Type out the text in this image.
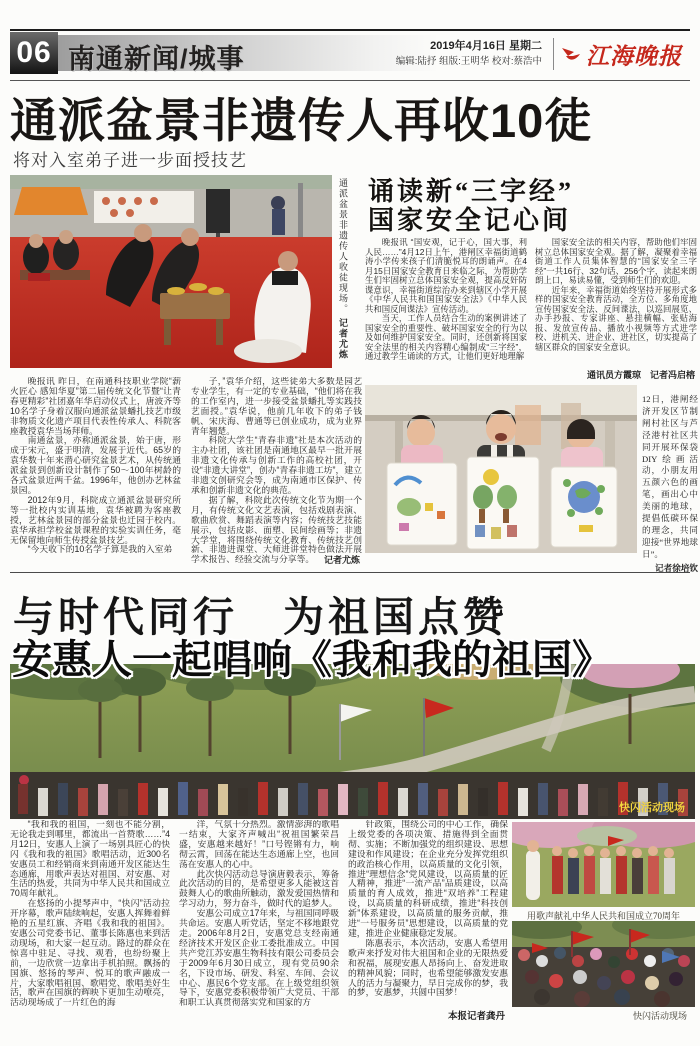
06 南通新闻/城事	2019年4月16日 星期二
编辑:陆抒 组版:王明华 校对:蔡浩中 江海晚报
通派盆景非遗传人再收10徒
将对入室弟子进一步面授技艺
通派盆景非遗传人收徒现场。 记者尤炼

晚报讯 昨日，在南通科技职业学院“薪火匠心 感知华夏”第二届传统文化节暨“让青春更精彩”社团嘉年华启动仪式上，唐波齐等10名学子身着汉服向通派盆景蟠扎技艺市级非物质文化遗产项目代表性传承人、科院客座教授袁华当场拜师。

南通盆景，亦称通派盆景，始于唐，形成于宋元，盛于明清，发展于近代。65岁的袁华数十年来潜心研究盆景艺术，从传统通派盆景到创新设计制作了50～100年树龄的各式盆景近两千盆。1996年，他创办艺林盆景园。

2012年9月，科院成立通派盆景研究所等一批校内实训基地，袁华被聘为客座教授，艺林盆景园的部分盆景也迁园于校内。袁华承担学校盆景课程的实验实训任务，毫无保留地向师生传授盆景技艺。

“今天收下的10名学子算是我的入室弟

子，”袁华介绍，这些徒弟大多数是园艺专业学生，有一定的专业基础，“他们将在我的工作室内，进一步接受盆景蟠扎等实践技艺面授。”袁华说，他前几年收下的弟子钱帆、宋庆海、曹通等已创业成功，成为业界青年翘楚。

科院大学生“青春非遗”社是本次活动的主办社团，该社团是南通地区最早一批开展非遗文化传承与创新工作的高校社团，开设“非遗大讲堂”，创办“青春非遗工坊”，建立非遗文创研究会等，成为南通市区保护、传承和创新非遗文化的典范。

据了解，科院此次传统文化节为期一个月，有传统文化文艺表演，包括戏剧表演、歌曲欣赏、舞蹈表演等内容；传统技艺技能展示，包括皮影、面塑、民间绘画等；非遗大学堂，将围绕传统文化教育、传统技艺创新、非遗进课堂、大师进讲堂特色做法开展学术报告、经验交流与分享等。	记者尤炼
诵读新“三字经”
国家安全记心间

晚报讯 “国安观，记于心，国大事，利人民……”4月12日上午，港闸区幸福街道鹤涛小学传来孩子们清脆悦耳的朗诵声。在4月15日国家安全教育日来临之际，为帮助学生们牢固树立总体国家安全观，提高反奸防谍意识，幸福街道综治办来到辖区小学开展《中华人民共和国国家安全法》《中华人民共和国反间谍法》宣传活动。

当天，工作人员结合生动的案例讲述了国家安全的重要性、破坏国家安全的行为以及如何维护国家安全。同时，还创新将国家安全法里的相关内容精心编制成“三字经”，通过教学生诵读的方式，让他们更好地理解

国家安全法的相关内容，帮助他们牢固树立总体国家安全观。据了解，凝聚着幸福街道工作人员集体智慧的“国家安全三字经”一共16行、32句话、256个字，读起来朗朗上口，易读易懂，受到师生们的欢迎。

近年来，幸福街道始终坚持开展形式多样的国家安全教育活动，全方位、多角度地宣传国家安全法、反间谍法，以巡回展览、办手抄报、专家讲座、悬挂横幅、张贴海报、发放宣传品、播放小视频等方式进学校、进机关、进企业、进社区，切实提高了辖区群众的国家安全意识。

通讯员方霞琼　记者冯启榕
12日，港闸经济开发区节制闸村社区与芦泾港村社区共同开展环保袋DIY绘画活动，小朋友用五颜六色的画笔，画出心中美丽的地球，提倡低碳环保的理念，共同迎接“世界地球日”。
记者徐培钦
与时代同行　为祖国点赞
安惠人一起唱响《我和我的祖国》
快闪活动现场

“我和我的祖国，一刻也不能分割，无论我走到哪里，都流出一首赞歌……”4月12日，安惠人上演了一场别具匠心的快闪《我和我的祖国》歌唱活动，近300名安惠员工和经销商来到南通开发区能达生态通廊，用歌声表达对祖国、对安惠、对生活的热爱，共同为中华人民共和国成立70周年献礼。

在悠扬的小提琴声中，“快闪”活动拉开序幕，歌声陆续响起，安惠人挥舞着鲜艳的五星红旗、齐唱《我和我的祖国》。安惠公司党委书记、董事长陈惠也来到活动现场，和大家一起互动。路过的群众在惊喜中驻足、寻找、观看，也纷纷聚上前，一边欣赏一边拿出手机拍照。飘扬的国旗、悠扬的琴声、悦耳的歌声融成一片，大家歌唱祖国、歌唱党、歌唱美好生活，歌声在国旗的辉映下更加生动嘹亮，活动现场成了一片红色的海

洋，气氛十分热烈。激情澎湃的歌唱一结束，大家齐声喊出“祝祖国繁荣昌盛，安惠越来越好！”口号铿锵有力，响彻云霄，回荡在能达生态通廊上空，也回荡在安惠人的心中。

此次快闪活动总导演唐毅表示，筹备此次活动的目的，是希望更多人能被这首鼓舞人心的歌曲所触动，激发爱国热情和学习动力，努力奋斗，做时代的追梦人。

安惠公司成立17年来，与祖国同呼吸共命运。安惠人听党话，坚定不移地跟党走。2006年8月2日，安惠党总支经南通经济技术开发区企业工委批准成立。中国共产党江苏安惠生物科技有限公司委员会于2009年6月30日成立，现有党员90余名，下设市场、研发、科室、车间、会议中心、惠民6个党支部。在上级党组织领导下，安惠党委积极带领广大党员、干部和职工认真贯彻落实党和国家的方

针政策，围绕公司的中心工作，确保上级党委的各项决策、措施得到全面贯彻、实施；不断加强党的组织建设、思想建设和作风建设；在企业充分发挥党组织的政治核心作用，以高质量的文化引领，推进“理想信念”党风建设，以高质量的匠人精神，推进“一流产品”品质建设，以高质量的育人成效，推进“双培养”工程建设，以高质量的科研成绩，推进“科技创新”体系建设，以高质量的服务贡献，推进“一号服务员”思想建设，以高质量的党建，推进企业健康稳定发展。

陈惠表示，本次活动，安惠人希望用歌声来抒发对伟大祖国和企业的无限热爱和祝福，展现安惠人昂扬向上、奋发进取的精神风貌；同时，也希望能够激发安惠人的活力与凝聚力，早日完成你的梦，我的梦，安惠梦，共圆中国梦！

本报记者龚丹
用歌声献礼中华人民共和国成立70周年
快闪活动现场
